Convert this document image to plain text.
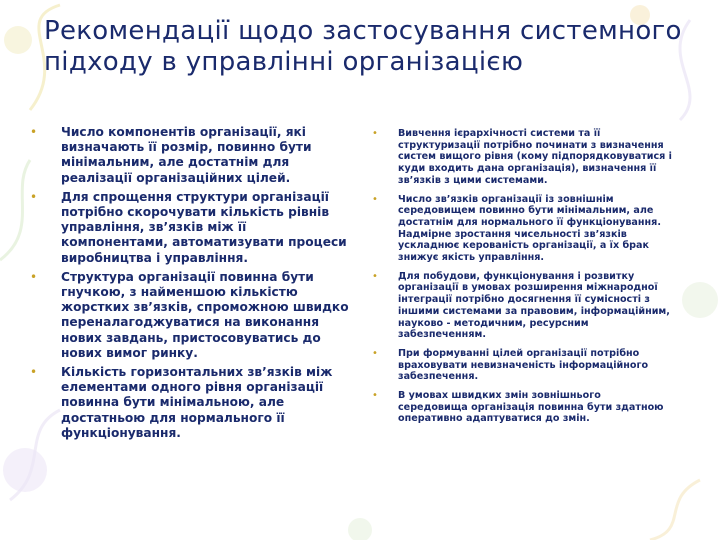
Рекомендації щодо застосування системного підходу в управлінні організацією
• Число компонентів організації, які визначають її розмір, повинно бути мінімальним, але достатнім для реалізації організаційних цілей.
• Для спрощення структури організації потрібно скорочувати кількість рівнів управління, зв’язків між її компонентами, автоматизувати процеси виробництва і управління.
• Структура організації повинна бути гнучкою, з найменшою кількістю жорстких зв’язків, спроможною швидко переналагоджуватися на виконання нових завдань, пристосовуватись до нових вимог ринку.
• Кількість горизонтальних зв’язків між елементами одного рівня організації повинна бути мінімальною, але достатньою для нормального її функціонування.
• Вивчення ієрархічності системи та її структуризації потрібно починати з визначення систем вищого рівня (кому підпорядковуватися і куди входить дана організація), визначення її зв’язків з цими системами.
• Число зв’язків організації із зовнішнім середовищем повинно бути мінімальним, але достатнім для нормального її функціонування. Надмірне зростання чисельності зв’язків ускладнює керованість організації, а їх брак знижує якість управління.
• Для побудови, функціонування і розвитку організації в умовах розширення міжнародної інтеграції потрібно досягнення її сумісності з іншими системами за правовим, інформаційним, науково - методичним, ресурсним забезпеченням.
• При формуванні цілей організації потрібно враховувати невизначеність інформаційного забезпечення.
• В умовах швидких змін зовнішнього середовища організація повинна бути здатною оперативно адаптуватися до змін.
